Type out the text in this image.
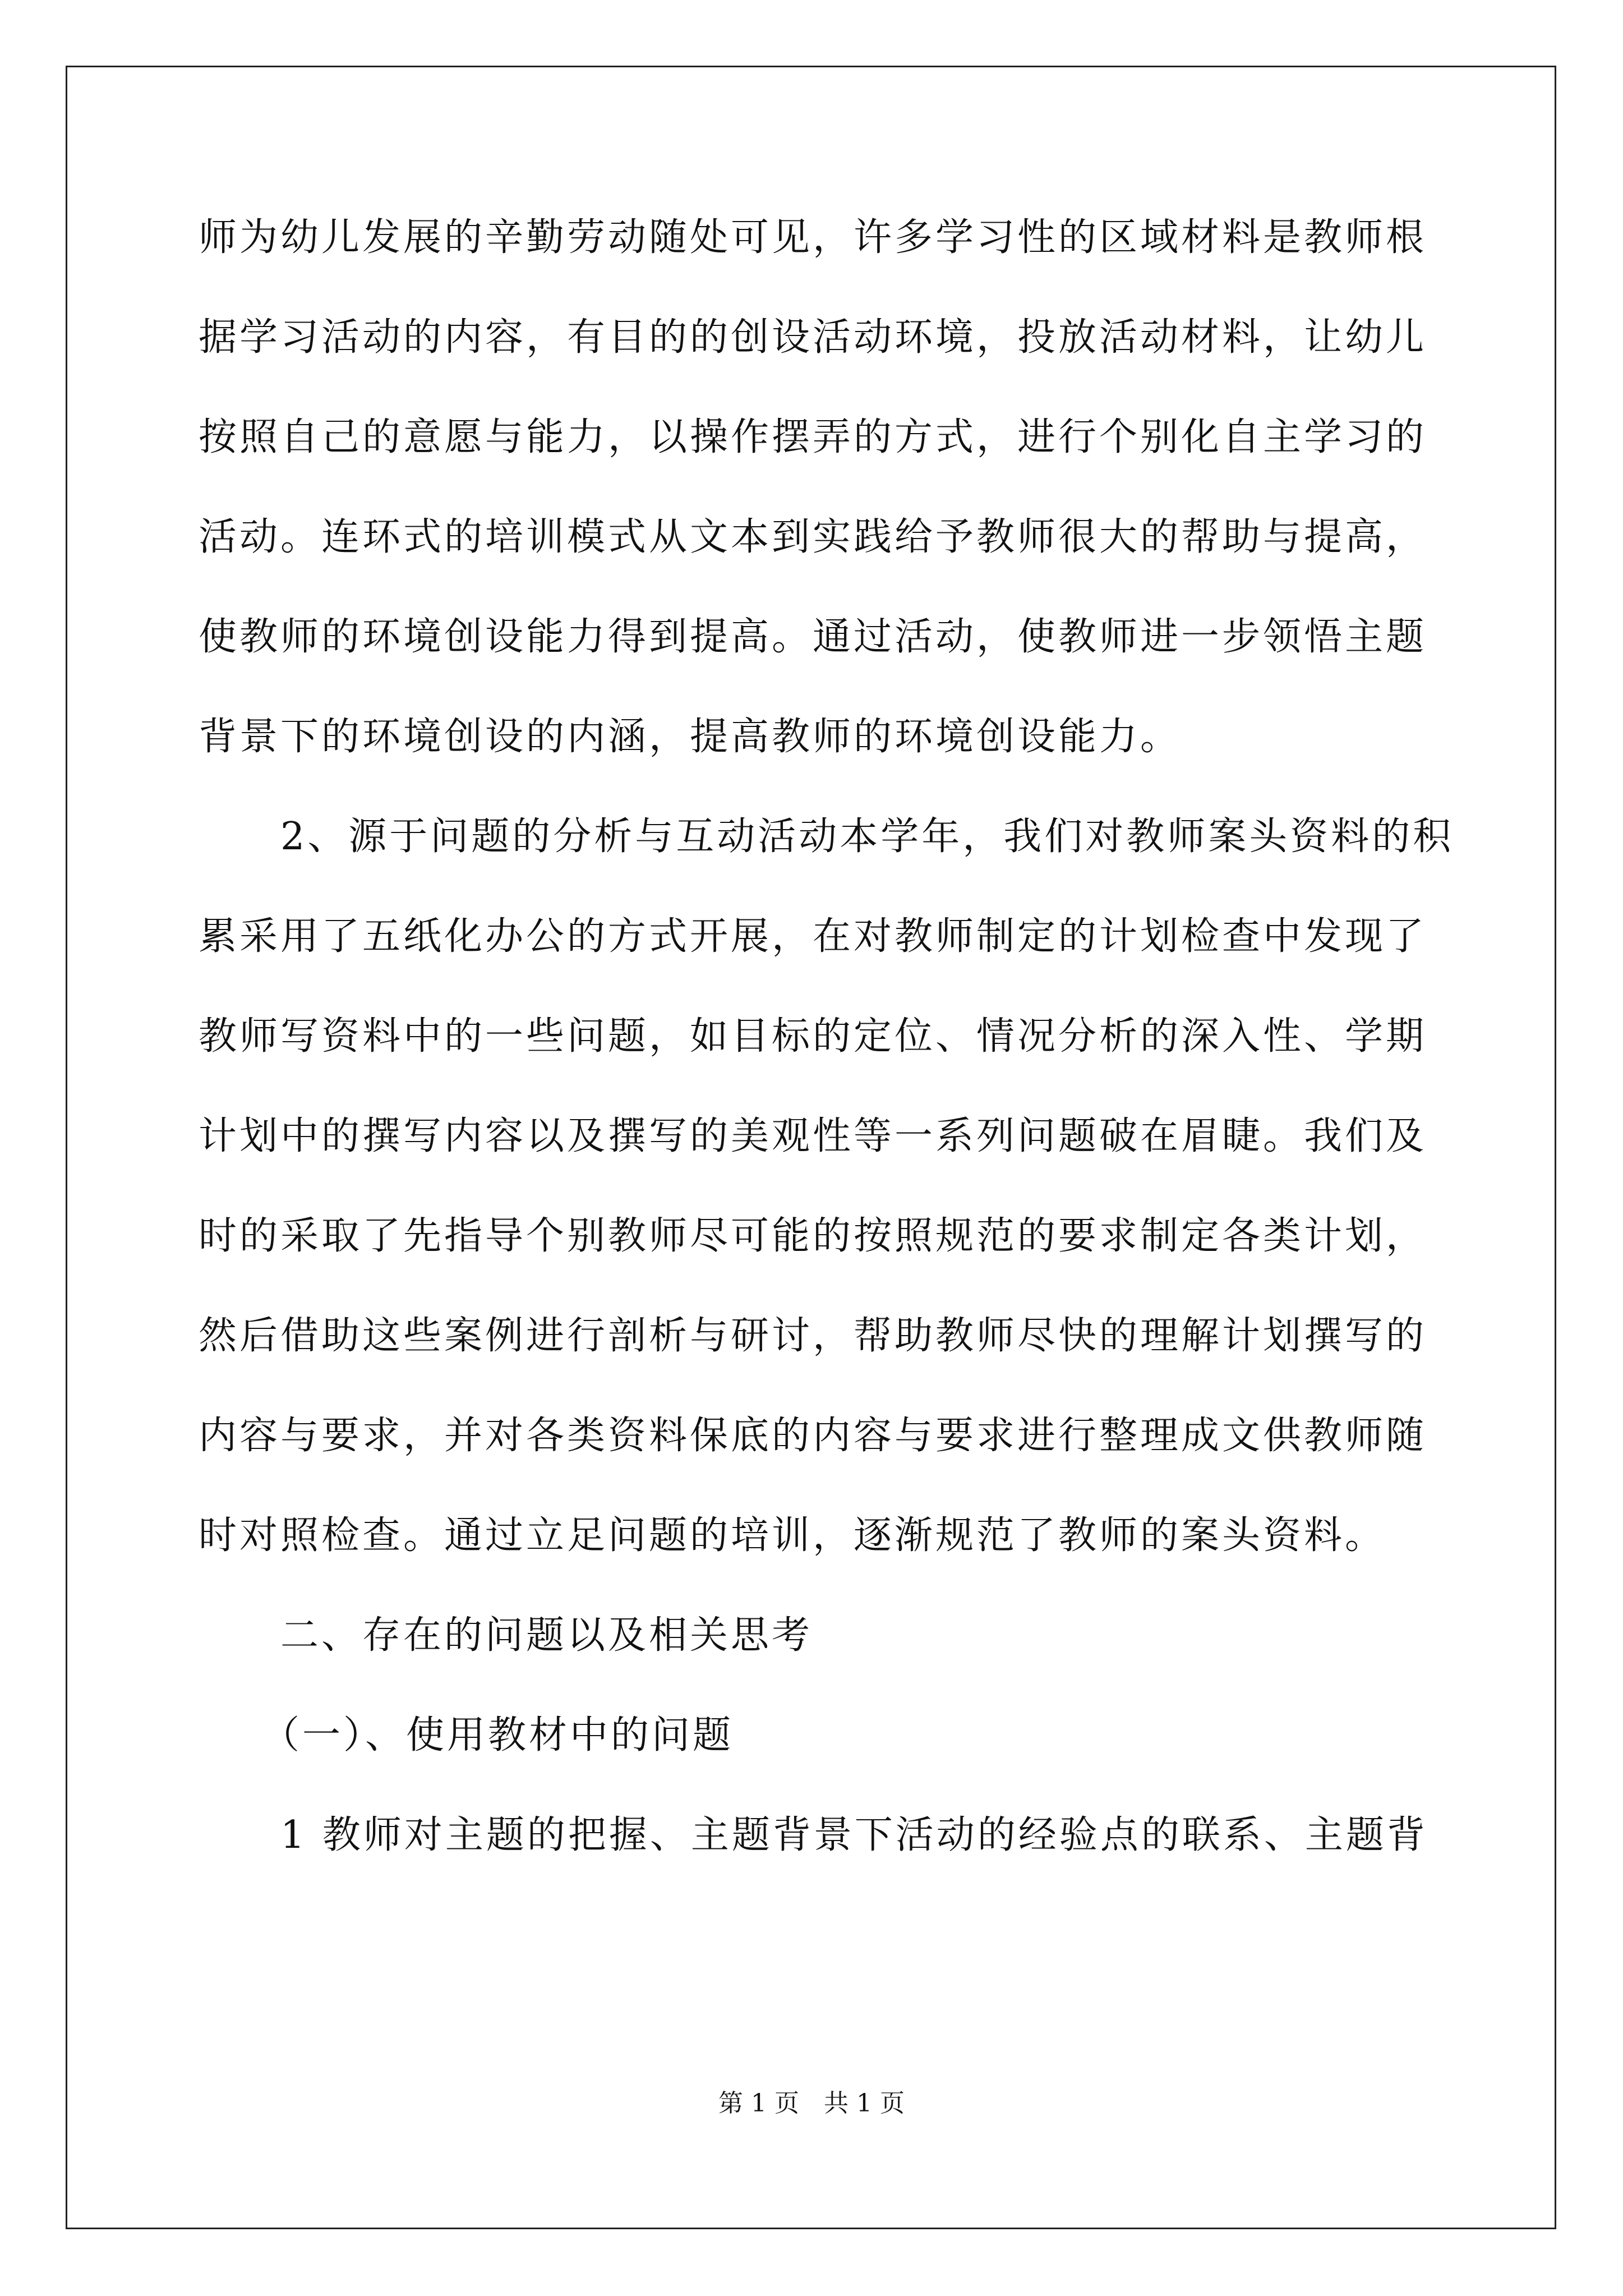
师为幼儿发展的辛勤劳动随处可见，许多学习性的区域材料是教师根
据学习活动的内容，有目的的创设活动环境，投放活动材料，让幼儿
按照自己的意愿与能力，以操作摆弄的方式，进行个别化自主学习的
活动。连环式的培训模式从文本到实践给予教师很大的帮助与提高，
使教师的环境创设能力得到提高。通过活动，使教师进一步领悟主题
背景下的环境创设的内涵，提高教师的环境创设能力。
　　2、源于问题的分析与互动活动本学年，我们对教师案头资料的积
累采用了五纸化办公的方式开展，在对教师制定的计划检查中发现了
教师写资料中的一些问题，如目标的定位、情况分析的深入性、学期
计划中的撰写内容以及撰写的美观性等一系列问题破在眉睫。我们及
时的采取了先指导个别教师尽可能的按照规范的要求制定各类计划，
然后借助这些案例进行剖析与研讨，帮助教师尽快的理解计划撰写的
内容与要求，并对各类资料保底的内容与要求进行整理成文供教师随
时对照检查。通过立足问题的培训，逐渐规范了教师的案头资料。
　　二、存在的问题以及相关思考
　　（一）、使用教材中的问题
　　1 教师对主题的把握、主题背景下活动的经验点的联系、主题背
第 1 页　共 1 页
